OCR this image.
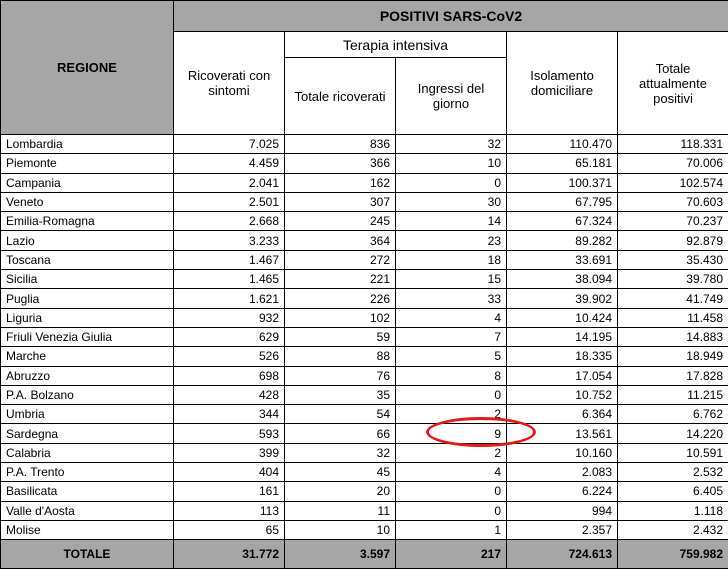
REGIONE	POSITIVI SARS-CoV2				
	Ricoverati con sintomi	Terapia intensiva		Isolamento domiciliare	Totale attualmente positivi
		Totale ricoverati	Ingressi del giorno		
Lombardia	7.025	836	32	110.470	118.331
Piemonte	4.459	366	10	65.181	70.006
Campania	2.041	162	0	100.371	102.574
Veneto	2.501	307	30	67.795	70.603
Emilia-Romagna	2.668	245	14	67.324	70.237
Lazio	3.233	364	23	89.282	92.879
Toscana	1.467	272	18	33.691	35.430
Sicilia	1.465	221	15	38.094	39.780
Puglia	1.621	226	33	39.902	41.749
Liguria	932	102	4	10.424	11.458
Friuli Venezia Giulia	629	59	7	14.195	14.883
Marche	526	88	5	18.335	18.949
Abruzzo	698	76	8	17.054	17.828
P.A. Bolzano	428	35	0	10.752	11.215
Umbria	344	54	2	6.364	6.762
Sardegna	593	66	9	13.561	14.220
Calabria	399	32	2	10.160	10.591
P.A. Trento	404	45	4	2.083	2.532
Basilicata	161	20	0	6.224	6.405
Valle d'Aosta	113	11	0	994	1.118
Molise	65	10	1	2.357	2.432
TOTALE	31.772	3.597	217	724.613	759.982
